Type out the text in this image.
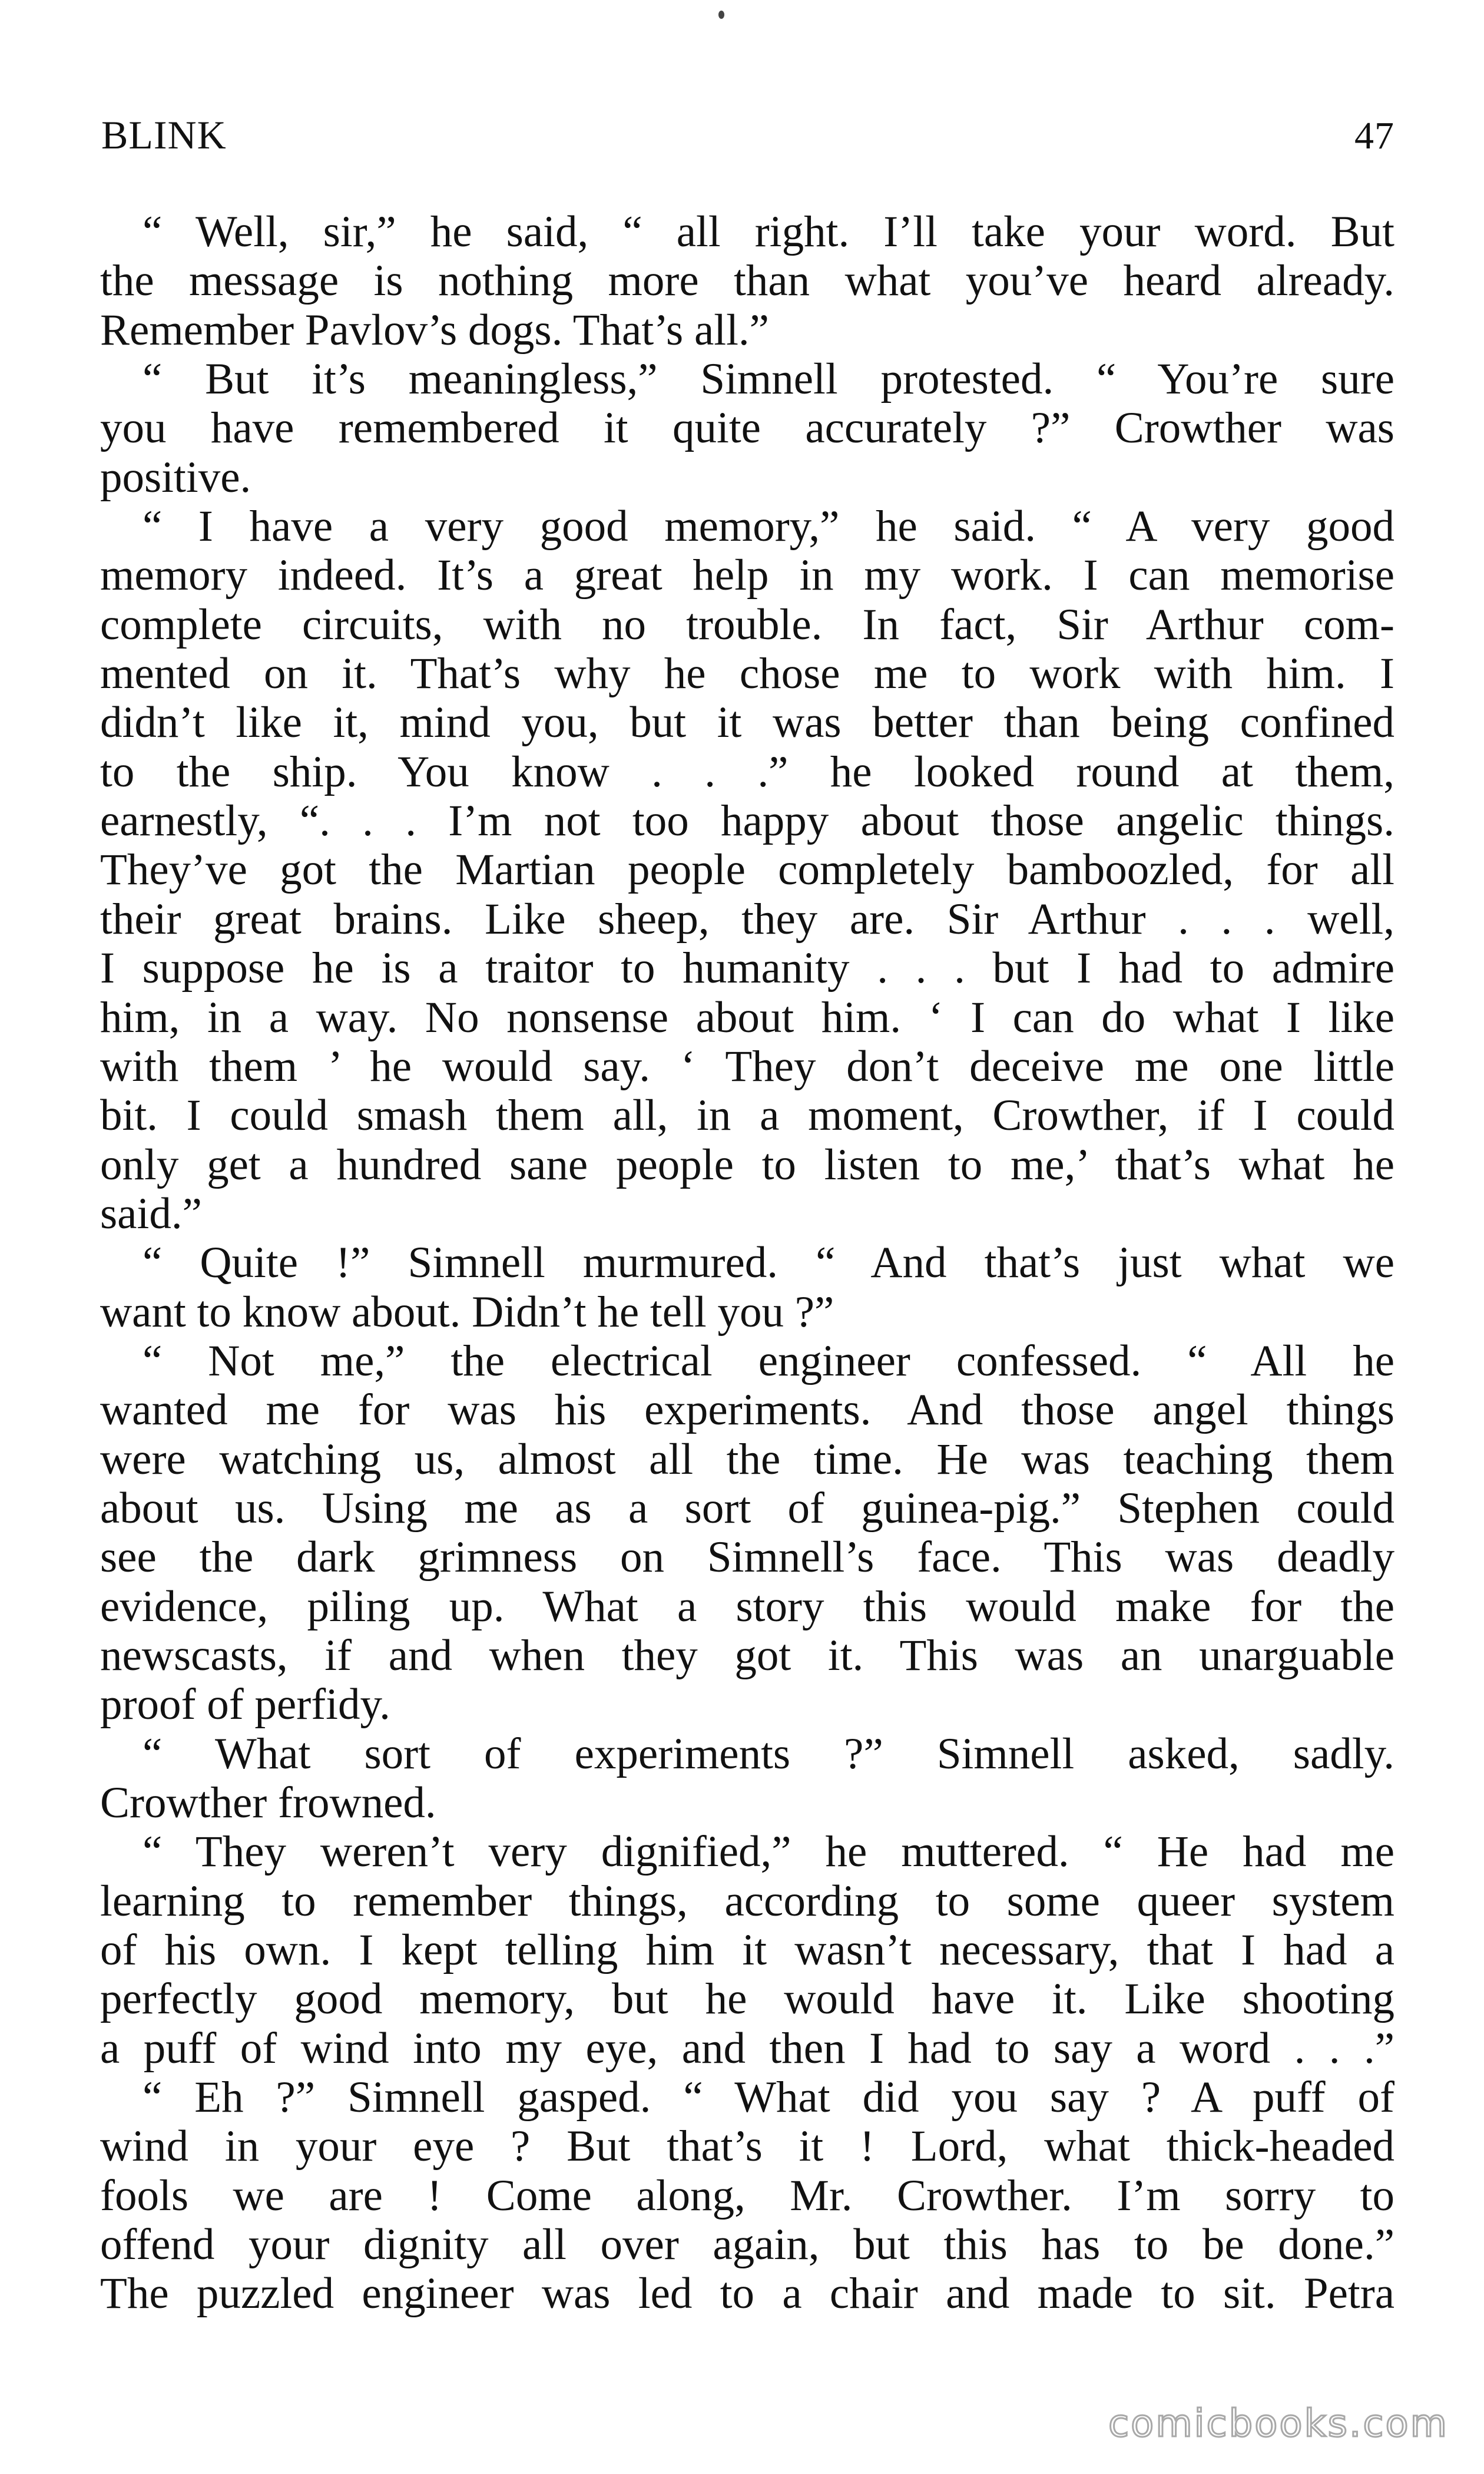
BLINK	47
“ Well, sir,” he said, “ all right. I’ll take your word. But
the message is nothing more than what you’ve heard already.
Remember Pavlov’s dogs. That’s all.”
“ But it’s meaningless,” Simnell protested. “ You’re sure
you have remembered it quite accurately ?” Crowther was
positive.
“ I have a very good memory,” he said. “ A very good
memory indeed. It’s a great help in my work. I can memorise
complete circuits, with no trouble. In fact, Sir Arthur com-
mented on it. That’s why he chose me to work with him. I
didn’t like it, mind you, but it was better than being confined
to the ship. You know . . .” he looked round at them,
earnestly, “. . . I’m not too happy about those angelic things.
They’ve got the Martian people completely bamboozled, for all
their great brains. Like sheep, they are. Sir Arthur . . . well,
I suppose he is a traitor to humanity . . . but I had to admire
him, in a way. No nonsense about him. ‘ I can do what I like
with them ’ he would say. ‘ They don’t deceive me one little
bit. I could smash them all, in a moment, Crowther, if I could
only get a hundred sane people to listen to me,’ that’s what he
said.”
“ Quite !” Simnell murmured. “ And that’s just what we
want to know about. Didn’t he tell you ?”
“ Not me,” the electrical engineer confessed. “ All he
wanted me for was his experiments. And those angel things
were watching us, almost all the time. He was teaching them
about us. Using me as a sort of guinea-pig.” Stephen could
see the dark grimness on Simnell’s face. This was deadly
evidence, piling up. What a story this would make for the
newscasts, if and when they got it. This was an unarguable
proof of perfidy.
“ What sort of experiments ?” Simnell asked, sadly.
Crowther frowned.
“ They weren’t very dignified,” he muttered. “ He had me
learning to remember things, according to some queer system
of his own. I kept telling him it wasn’t necessary, that I had a
perfectly good memory, but he would have it. Like shooting
a puff of wind into my eye, and then I had to say a word . . .”
“ Eh ?” Simnell gasped. “ What did you say ? A puff of
wind in your eye ? But that’s it ! Lord, what thick-headed
fools we are ! Come along, Mr. Crowther. I’m sorry to
offend your dignity all over again, but this has to be done.”
The puzzled engineer was led to a chair and made to sit. Petra
comicbooks.com
